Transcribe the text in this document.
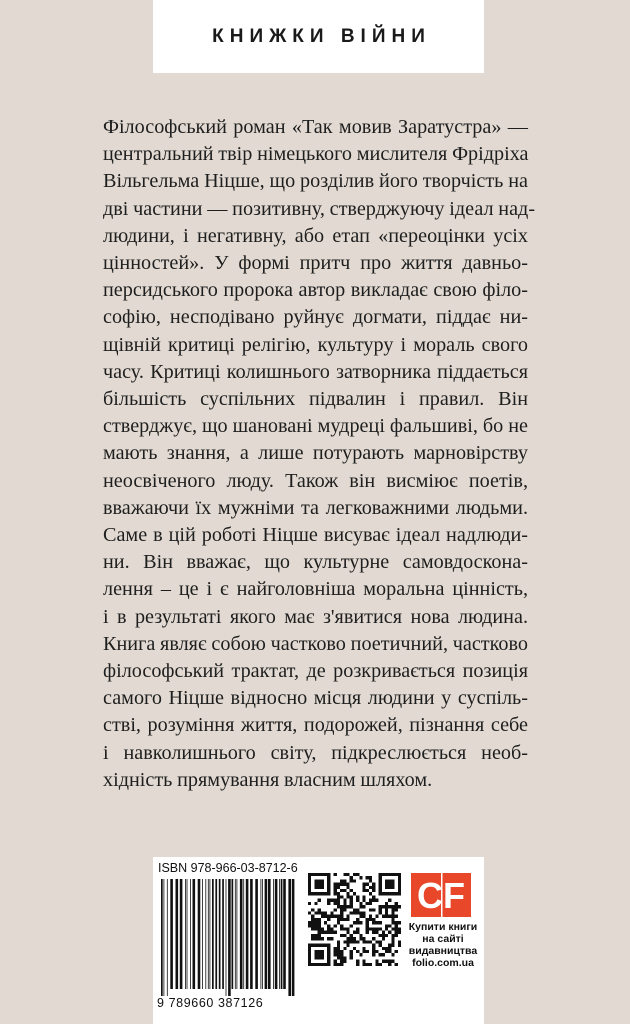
КНИЖКИ ВІЙНИ
Філософський роман «Так мовив Заратустра» —
центральний твір німецького мислителя Фрідріха
Вільгельма Ніцше, що розділив його творчість на
дві частини — позитивну, стверджуючу ідеал над-
людини, і негативну, або етап «переоцінки усіх
цінностей». У формі притч про життя давньо-
персидського пророка автор викладає свою філо-
софію, несподівано руйнує догмати, піддає ни-
щівній критиці релігію, культуру і мораль свого
часу. Критиці колишнього затворника піддається
більшість суспільних підвалин і правил. Він
стверджує, що шановані мудреці фальшиві, бо не
мають знання, а лише потурають марновірству
неосвіченого люду. Також він висміює поетів,
вважаючи їх мужніми та легковажними людьми.
Саме в цій роботі Ніцше висуває ідеал надлюди-
ни. Він вважає, що культурне самовдосконa-
лення – це і є найголовніша моральна цінність,
і в результаті якого має з'явитися нова людина.
Книга являє собою частково поетичний, частково
філософський трактат, де розкривається позиція
самого Ніцше відносно місця людини у суспіль-
стві, розуміння життя, подорожей, пізнання себе
і навколишнього світу, підкреслюється необ-
хідність прямування власним шляхом.
ISBN 978-966-03-8712-6
9 789660 387126
CF
Купити книги
на сайті
видавництва
folio.com.ua
